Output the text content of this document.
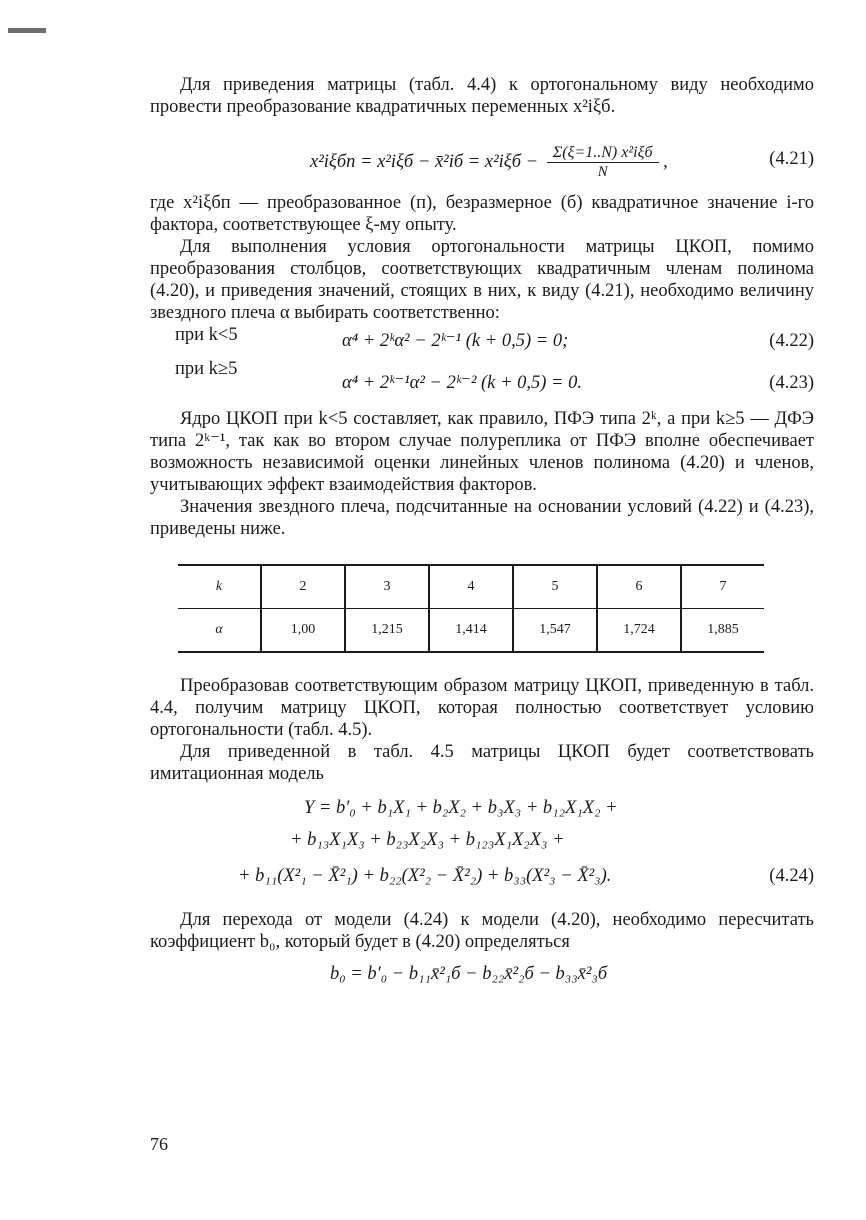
Для приведения матрицы (табл. 4.4) к ортогональному виду необходимо провести преобразование квадратичных переменных x²iξб.

x²iξбп = x²iξб − x̄²iб = $x^2i\xi б - \frac{\text{Σ(ξ=1..N) x²iξб}}{N}$ ,	(4.21)

где x²iξбп — преобразованное (п), безразмерное (б) квадратичное значение i-го фактора, соответствующее ξ-му опыту.

Для выполнения условия ортогональности матрицы ЦКОП, помимо преобразования столбцов, соответствующих квадратичным членам полинома (4.20), и приведения значений, стоящих в них, к виду (4.21), необходимо величину звездного плеча α выбирать соответственно:

при k<5	α⁴ + 2ᵏα² − 2ᵏ⁻¹ (k + 0,5) = 0;	(4.22)
при k≥5
α⁴ + 2ᵏ⁻¹α² − 2ᵏ⁻² (k + 0,5) = 0.	(4.23)

Ядро ЦКОП при k<5 составляет, как правило, ПФЭ типа 2ᵏ, а при k≥5 — ДФЭ типа 2ᵏ⁻¹, так как во втором случае полуреплика от ПФЭ вполне обеспечивает возможность независимой оценки линейных членов полинома (4.20) и членов, учитывающих эффект взаимодействия факторов.

Значения звездного плеча, подсчитанные на основании условий (4.22) и (4.23), приведены ниже.

k	2	3	4	5	6	7
α	1,00	1,215	1,414	1,547	1,724	1,885

Преобразовав соответствующим образом матрицу ЦКОП, приведенную в табл. 4.4, получим матрицу ЦКОП, которая полностью соответствует условию ортогональности (табл. 4.5).

Для приведенной в табл. 4.5 матрицы ЦКОП будет соответствовать имитационная модель

Y = b′₀ + b₁X₁ + b₂X₂ + b₃X₃ + b₁₂X₁X₂ +
+ b₁₃X₁X₃ + b₂₃X₂X₃ + b₁₂₃X₁X₂X₃ +
+ b₁₁(X²₁ − X̄²₁) + b₂₂(X²₂ − X̄²₂) + b₃₃(X²₃ − X̄²₃).	(4.24)

Для перехода от модели (4.24) к модели (4.20), необходимо пересчитать коэффициент b₀, который будет в (4.20) определяться

b₀ = b′₀ − b₁₁x̄²₁б − b₂₂x̄²₂б − b₃₃x̄²₃б
76
